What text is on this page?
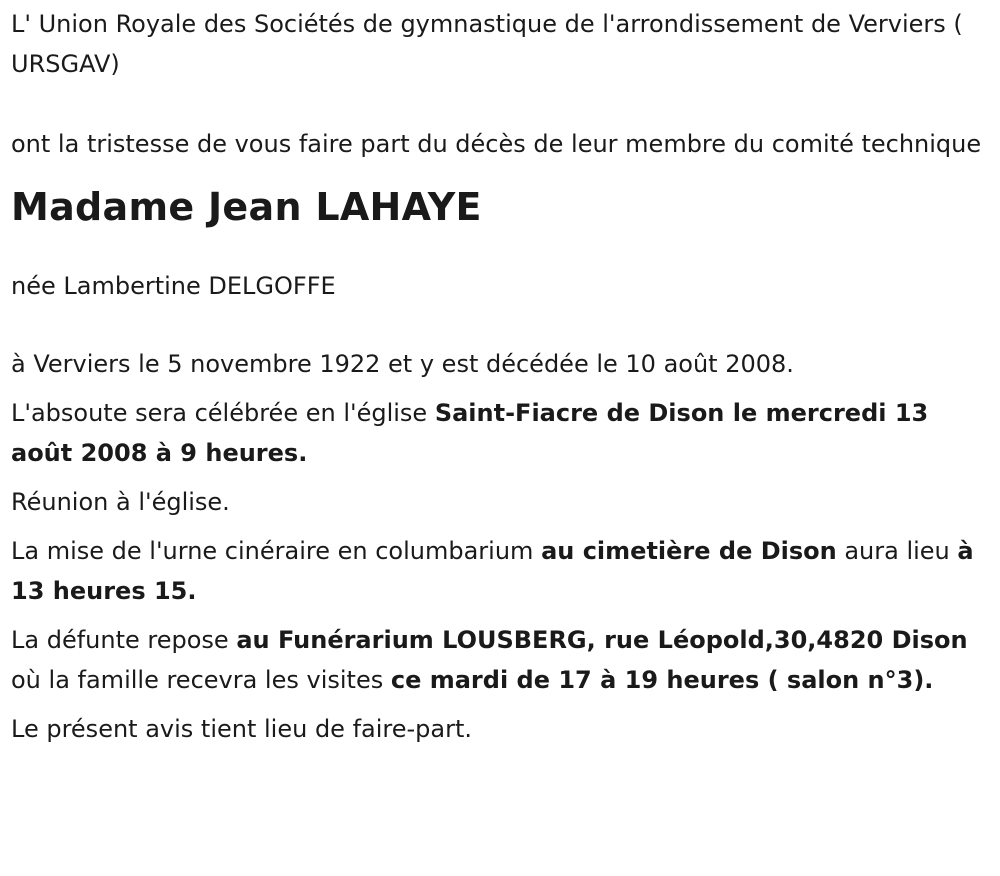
L' Union Royale des Sociétés de gymnastique de l'arrondissement de Verviers ( URSGAV)

ont la tristesse de vous faire part du décès de leur membre du comité technique

Madame Jean LAHAYE

née Lambertine DELGOFFE

à Verviers le 5 novembre 1922 et y est décédée le 10 août 2008.

L'absoute sera célébrée en l'église Saint-Fiacre de Dison le mercredi 13 août 2008 à 9 heures.

Réunion à l'église.

La mise de l'urne cinéraire en columbarium au cimetière de Dison aura lieu à 13 heures 15.

La défunte repose au Funérarium LOUSBERG, rue Léopold,30,4820 Dison où la famille recevra les visites ce mardi de 17 à 19 heures ( salon n°3).

Le présent avis tient lieu de faire-part.
